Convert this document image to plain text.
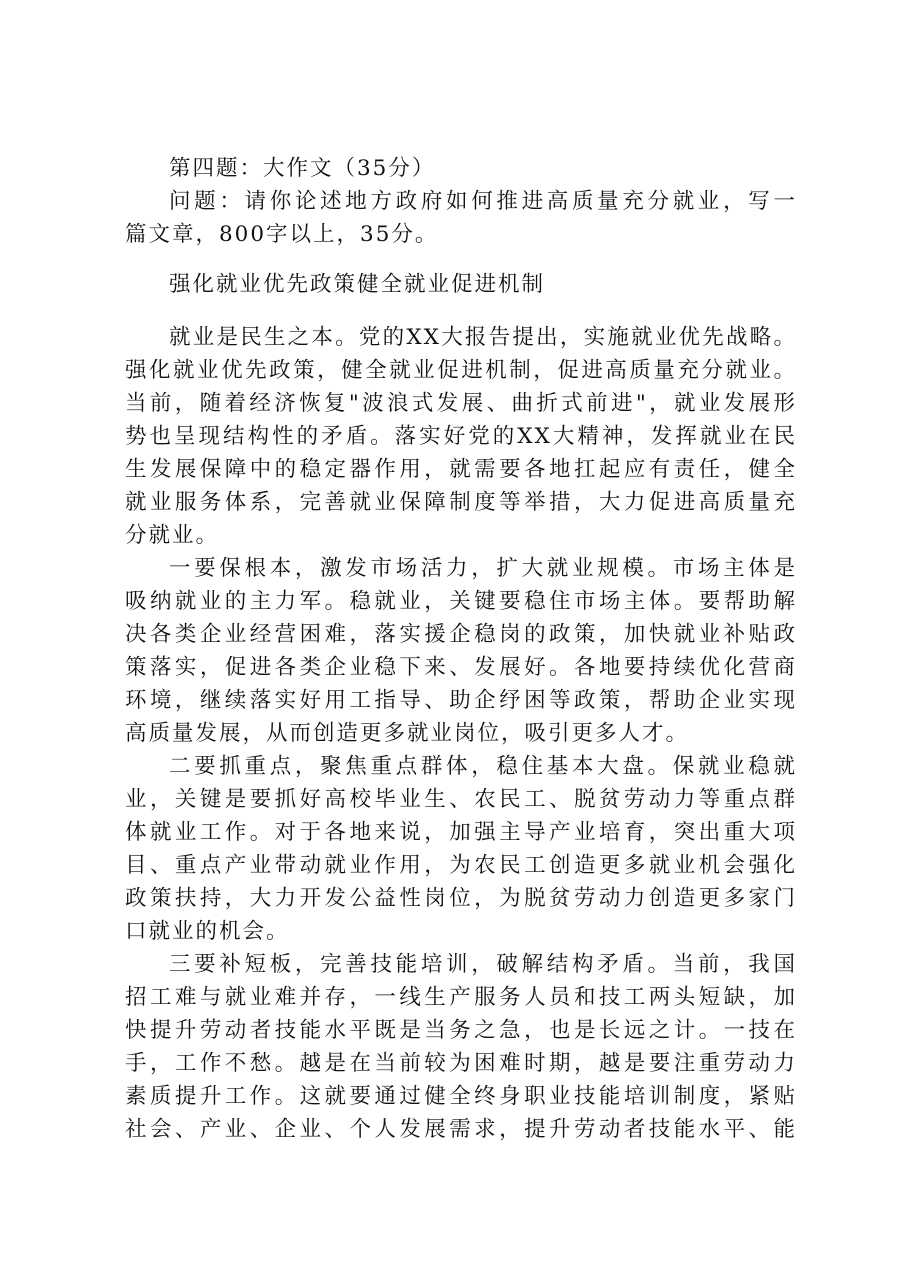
第四题：大作文（35分）
问题：请你论述地方政府如何推进高质量充分就业，写一
篇文章，800字以上，35分。
强化就业优先政策健全就业促进机制
就业是民生之本。党的XX大报告提出，实施就业优先战略。
强化就业优先政策，健全就业促进机制，促进高质量充分就业。
当前，随着经济恢复"波浪式发展、曲折式前进"，就业发展形
势也呈现结构性的矛盾。落实好党的XX大精神，发挥就业在民
生发展保障中的稳定器作用，就需要各地扛起应有责任，健全
就业服务体系，完善就业保障制度等举措，大力促进高质量充
分就业。
一要保根本，激发市场活力，扩大就业规模。市场主体是
吸纳就业的主力军。稳就业，关键要稳住市场主体。要帮助解
决各类企业经营困难，落实援企稳岗的政策，加快就业补贴政
策落实，促进各类企业稳下来、发展好。各地要持续优化营商
环境，继续落实好用工指导、助企纾困等政策，帮助企业实现
高质量发展，从而创造更多就业岗位，吸引更多人才。
二要抓重点，聚焦重点群体，稳住基本大盘。保就业稳就
业，关键是要抓好高校毕业生、农民工、脱贫劳动力等重点群
体就业工作。对于各地来说，加强主导产业培育，突出重大项
目、重点产业带动就业作用，为农民工创造更多就业机会强化
政策扶持，大力开发公益性岗位，为脱贫劳动力创造更多家门
口就业的机会。
三要补短板，完善技能培训，破解结构矛盾。当前，我国
招工难与就业难并存，一线生产服务人员和技工两头短缺，加
快提升劳动者技能水平既是当务之急，也是长远之计。一技在
手，工作不愁。越是在当前较为困难时期，越是要注重劳动力
素质提升工作。这就要通过健全终身职业技能培训制度，紧贴
社会、产业、企业、个人发展需求，提升劳动者技能水平、能
